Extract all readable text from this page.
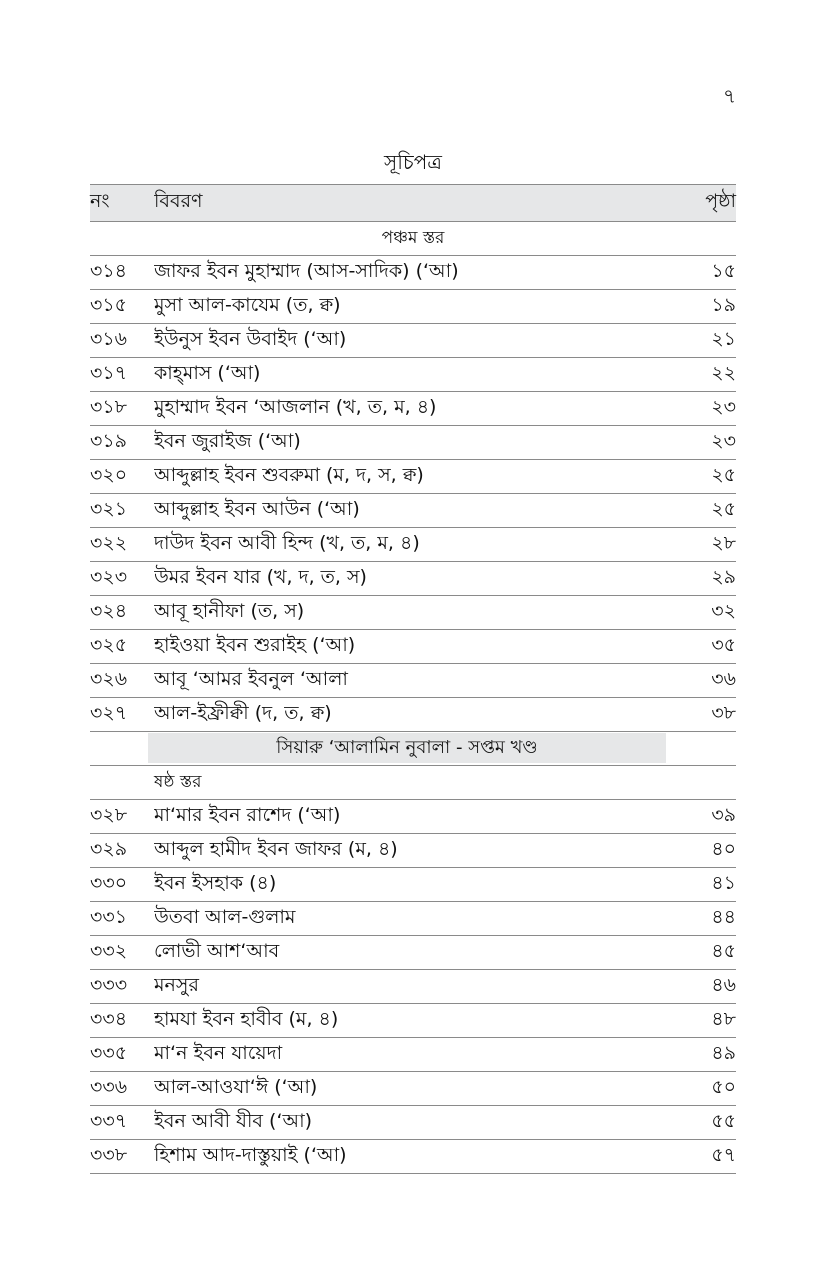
৭
সূচিপত্র
নং	বিবরণ	পৃষ্ঠা
পঞ্চম স্তর
৩১৪	জাফর ইবন মুহাম্মাদ (আস-সাদিক) (‘আ)	১৫
৩১৫	মুসা আল-কাযেম (ত, ক্ব)	১৯
৩১৬	ইউনুস ইবন উবাইদ (‘আ)	২১
৩১৭	কাহ্‌মাস (‘আ)	২২
৩১৮	মুহাম্মাদ ইবন ‘আজলান (খ, ত, ম, ৪)	২৩
৩১৯	ইবন জুরাইজ (‘আ)	২৩
৩২০	আব্দুল্লাহ ইবন শুবরুমা (ম, দ, স, ক্ব)	২৫
৩২১	আব্দুল্লাহ ইবন আউন (‘আ)	২৫
৩২২	দাউদ ইবন আবী হিন্দ (খ, ত, ম, ৪)	২৮
৩২৩	উমর ইবন যার (খ, দ, ত, স)	২৯
৩২৪	আবূ হানীফা (ত, স)	৩২
৩২৫	হাইওয়া ইবন শুরাইহ (‘আ)	৩৫
৩২৬	আবূ ‘আমর ইবনুল ‘আলা	৩৬
৩২৭	আল-ইফ্রীক্বী (দ, ত, ক্ব)	৩৮
সিয়ারু ‘আলামিন নুবালা - সপ্তম খণ্ড
ষষ্ঠ স্তর
৩২৮	মা‘মার ইবন রাশেদ (‘আ)	৩৯
৩২৯	আব্দুল হামীদ ইবন জাফর (ম, ৪)	৪০
৩৩০	ইবন ইসহাক (৪)	৪১
৩৩১	উতবা আল-গুলাম	৪৪
৩৩২	লোভী আশ‘আব	৪৫
৩৩৩	মনসুর	৪৬
৩৩৪	হামযা ইবন হাবীব (ম, ৪)	৪৮
৩৩৫	মা‘ন ইবন যায়েদা	৪৯
৩৩৬	আল-আওযা‘ঈ (‘আ)	৫০
৩৩৭	ইবন আবী যীব (‘আ)	৫৫
৩৩৮	হিশাম আদ-দাস্তুয়াই (‘আ)	৫৭
